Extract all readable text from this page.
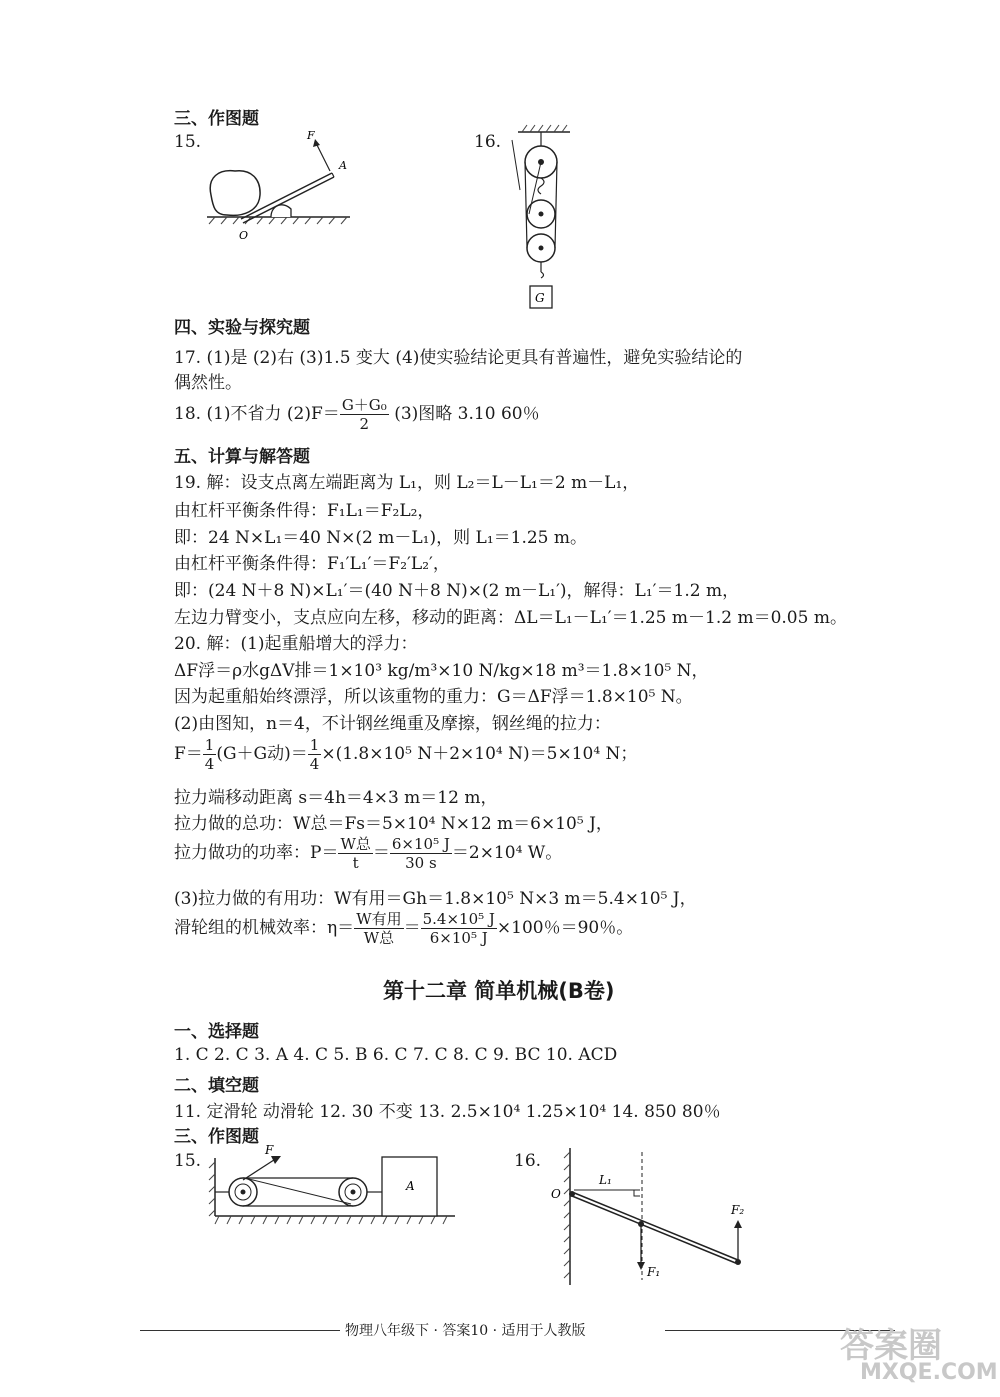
三、作图题
15.	F
A
O
16.
G
四、实验与探究题
17. (1)是 (2)右 (3)1.5 变大 (4)使实验结论更具有普遍性，避免实验结论的
偶然性。
18. (1)不省力 $(2)F= \frac{\text{G＋G₀}}{2} (3)$图略 3.10 60％
五、计算与解答题
19. 解：设支点离左端距离为 L₁，则 L₂＝L－L₁＝2 m－L₁，
由杠杆平衡条件得：F₁L₁＝F₂L₂，
即：24 N×L₁＝40 N×(2 m－L₁)，则 L₁＝1.25 m。
由杠杆平衡条件得：F₁′L₁′＝F₂′L₂′，
即：(24 N＋8 N)×L₁′＝(40 N＋8 N)×(2 m－L₁′)，解得：L₁′＝1.2 m，
左边力臂变小，支点应向左移，移动的距离：ΔL＝L₁－L₁′＝1.25 m－1.2 m＝0.05 m。
20. 解：(1)起重船增大的浮力：
ΔF浮＝ρ水gΔV排＝1×10³ kg/m³×10 N/kg×18 m³＝1.8×10⁵ N，
因为起重船始终漂浮，所以该重物的重力：G＝ΔF浮＝1.8×10⁵ N。
(2)由图知，n＝4，不计钢丝绳重及摩擦，钢丝绳的拉力：
$F= \frac{1}{4} (G+G$动)＝ $\frac{1}{4} \times(1.8\times 10^5$ N＋2×10⁴ N)＝5×10⁴ N；
拉力端移动距离 s＝4h＝4×3 m＝12 m，
拉力做的总功：W总＝Fs＝5×10⁴ N×12 m＝6×10⁵ J，
拉力做功的功率：$P= \frac{\text{W总}}{t} = \frac{\text{6×10⁵ J}}{30 s} =2\times 10^4$ W。
(3)拉力做的有用功：W有用＝Gh＝1.8×10⁵ N×3 m＝5.4×10⁵ J，
滑轮组的机械效率：$\eta= \frac{\text{W有用}}{\text{W总}} = \frac{\text{5.4×10⁵ J}}{\text{6×10⁵ J}} \times 100$％＝90％。
第十二章 简单机械(B卷)
一、选择题
1. C 2. C 3. A 4. C 5. B 6. C 7. C 8. C 9. BC 10. ACD
二、填空题
11. 定滑轮 动滑轮 12. 30 不变 13. 2.5×10⁴ 1.25×10⁴ 14. 850 80％
三、作图题
15.
F
A
16.
O
L₁
F₁
F₂
物理八年级下 · 答案10 · 适用于人教版	答案圈
MXQE.COM
